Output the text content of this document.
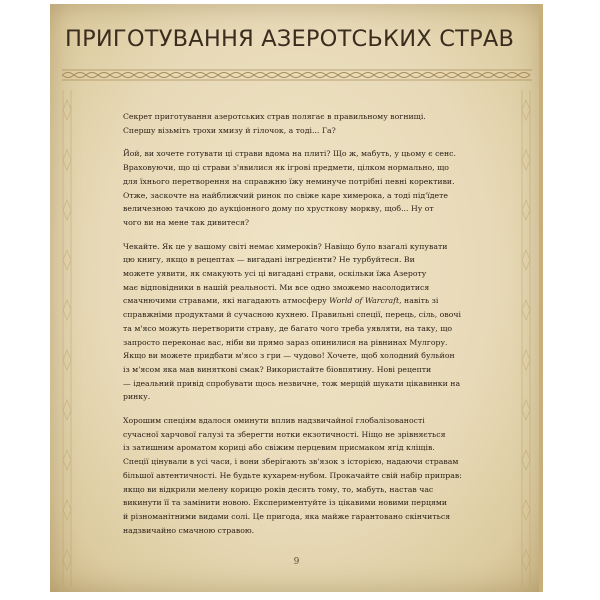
ПРИГОТУВАННЯ АЗЕРОТСЬКИХ СТРАВ

Секрет приготування азеротських страв полягає в правильному вогнищі.
Спершу візьміть трохи хмизу й гілочок, а тоді... Га?

Йой, ви хочете готувати ці страви вдома на плиті? Що ж, мабуть, у цьому є сенс.
Враховуючи, що ці страви з'явилися як ігрові предмети, цілком нормально, що
для їхнього перетворення на справжню їжу неминуче потрібні певні корективи.
Отже, заскочте на найближчий ринок по свіже каре химерока, а тоді під'їдете
величезною тачкою до аукціонного дому по хрусткову моркву, щоб... Ну от
чого ви на мене так дивитеся?

Чекайте. Як це у вашому світі немає химероків? Навіщо було взагалі купувати
цю книгу, якщо в рецептах — вигадані інгредієнти? Не турбуйтеся. Ви
можете уявити, як смакують усі ці вигадані страви, оскільки їжа Азероту
має відповідники в нашій реальності. Ми все одно зможемо насолодитися
смачнючими стравами, які нагадають атмосферу World of Warcraft, навіть зі
справжніми продуктами й сучасною кухнею. Правильні спеції, перець, сіль, овочі
та м'ясо можуть перетворити страву, де багато чого треба уявляти, на таку, що
запросто переконає вас, ніби ви прямо зараз опинилися на рівнинах Мулгору.
Якщо ви можете придбати м'ясо з гри — чудово! Хочете, щоб холодний бульйон
із м'ясом яка мав виняткові смак? Використайте біовпятину. Нові рецепти
— ідеальний привід спробувати щось незвичне, тож мерщій шукати цікавинки на
ринку.

Хорошим спеціям вдалося оминути вплив надзвичайної глобалізованості
сучасної харчової галузі та зберегти нотки екзотичності. Ніщо не зрівняється
із затишним ароматом кориці або свіжим перцевим присмаком ягід кліщів.
Спеції цінували в усі часи, і вони зберігають зв'язок з історією, надаючи стравам
більшої автентичності. Не будьте кухарем-нубом. Прокачайте свій набір приправ:
якщо ви відкрили мелену корицю років десять тому, то, мабуть, настав час
викинути її та замінити новою. Експериментуйте із цікавими новими перцями
й різноманітними видами солі. Це пригода, яка майже гарантовано скінчиться
надзвичайно смачною стравою.

9
